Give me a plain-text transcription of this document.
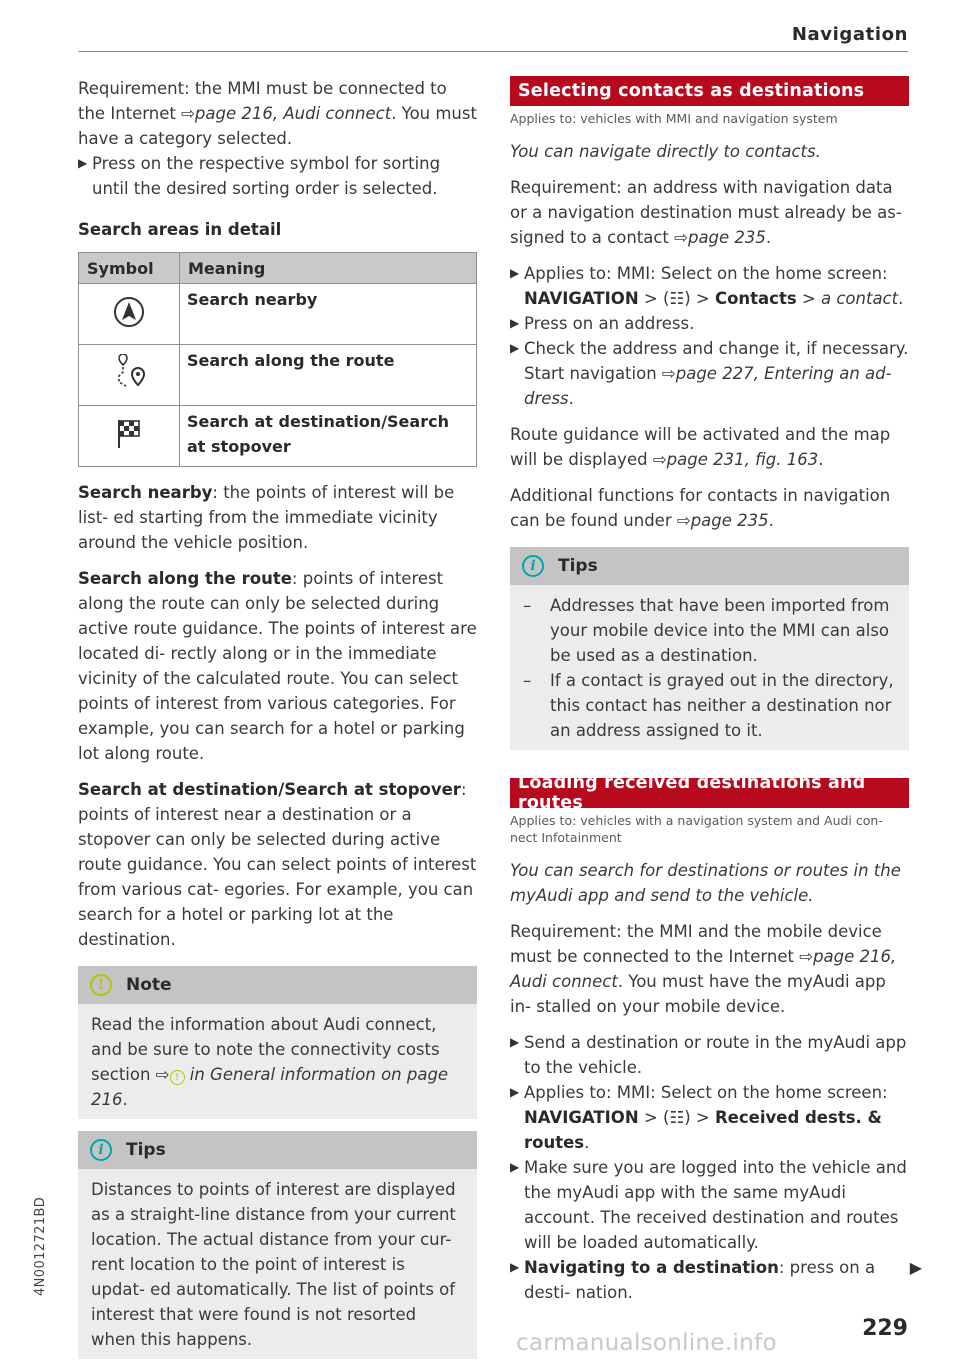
Navigation
4N0012721BD

Requirement: the MMI must be connected to the Internet ⇨page 216, Audi connect. You must have a category selected.

▶ Press on the respective symbol for sorting until the desired sorting order is selected.
Search areas in detail
Symbol	Meaning
	Search nearby
	Search along the route
	Search at destination/Search at stopover

Search nearby: the points of interest will be list- ed starting from the immediate vicinity around the vehicle position.

Search along the route: points of interest along the route can only be selected during active route guidance. The points of interest are located di- rectly along or in the immediate vicinity of the calculated route. You can select points of interest from various categories. For example, you can search for a hotel or parking lot along route.

Search at destination/Search at stopover: points of interest near a destination or a stopover can only be selected during active route guidance. You can select points of interest from various cat- egories. For example, you can search for a hotel or parking lot at the destination.

!	Note

Read the information about Audi connect, and be sure to note the connectivity costs section ⇨ ! in General information on page 216.

i	Tips

Distances to points of interest are displayed as a straight-line distance from your current location. The actual distance from your cur- rent location to the point of interest is updat- ed automatically. The list of points of interest that were found is not resorted when this happens.

Selecting contacts as destinations
Applies to: vehicles with MMI and navigation system

You can navigate directly to contacts.

Requirement: an address with navigation data or a navigation destination must already be as- signed to a contact ⇨page 235.

▶ Applies to: MMI: Select on the home screen: NAVIGATION > (☷) > Contacts > a contact.
▶ Press on an address.
▶ Check the address and change it, if necessary. Start navigation ⇨page 227, Entering an ad- dress.

Route guidance will be activated and the map will be displayed ⇨page 231, fig. 163.

Additional functions for contacts in navigation can be found under ⇨page 235.

i	Tips
– Addresses that have been imported from your mobile device into the MMI can also be used as a destination.
– If a contact is grayed out in the directory, this contact has neither a destination nor an address assigned to it.
Loading received destinations and routes
Applies to: vehicles with a navigation system and Audi con- nect Infotainment

You can search for destinations or routes in the myAudi app and send to the vehicle.

Requirement: the MMI and the mobile device must be connected to the Internet ⇨page 216, Audi connect. You must have the myAudi app in- stalled on your mobile device.

▶ Send a destination or route in the myAudi app to the vehicle.
▶ Applies to: MMI: Select on the home screen: NAVIGATION > (☷) > Received dests. & routes.
▶ Make sure you are logged into the vehicle and the myAudi app with the same myAudi account. The received destination and routes will be loaded automatically.
▶ Navigating to a destination: press on a desti- nation.
▶
229
carmanualsonline.info
